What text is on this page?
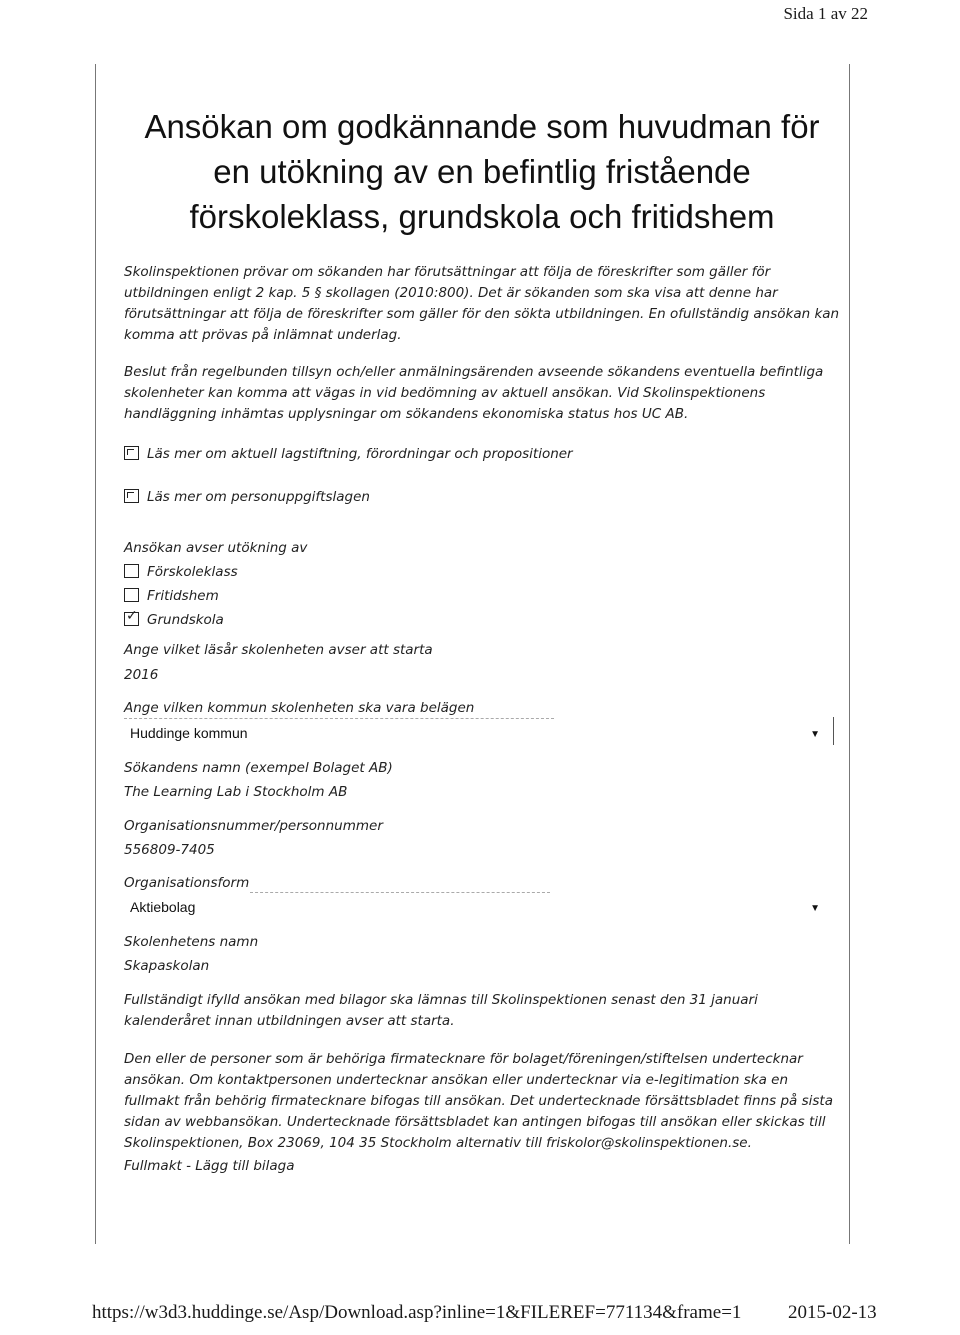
Sida 1 av 22
Ansökan om godkännande som huvudman för
en utökning av en befintlig fristående
förskoleklass, grundskola och fritidshem

Skolinspektionen prövar om sökanden har förutsättningar att följa de föreskrifter som gäller för utbildningen enligt 2 kap. 5 § skollagen (2010:800). Det är sökanden som ska visa att denne har förutsättningar att följa de föreskrifter som gäller för den sökta utbildningen. En ofullständig ansökan kan komma att prövas på inlämnat underlag.

Beslut från regelbunden tillsyn och/eller anmälningsärenden avseende sökandens eventuella befintliga skolenheter kan komma att vägas in vid bedömning av aktuell ansökan. Vid Skolinspektionens handläggning inhämtas upplysningar om sökandens ekonomiska status hos UC AB.

Läs mer om aktuell lagstiftning, förordningar och propositioner
Läs mer om personuppgiftslagen
Ansökan avser utökning av
Förskoleklass
Fritidshem
✓Grundskola
Ange vilket läsår skolenheten avser att starta
2016
Ange vilken kommun skolenheten ska vara belägen
Huddinge kommun	▼
Sökandens namn (exempel Bolaget AB)
The Learning Lab i Stockholm AB
Organisationsnummer/personnummer
556809-7405
Organisationsform
Aktiebolag	▼
Skolenhetens namn
Skapaskolan

Fullständigt ifylld ansökan med bilagor ska lämnas till Skolinspektionen senast den 31 januari kalenderåret innan utbildningen avser att starta.

Den eller de personer som är behöriga firmatecknare för bolaget/föreningen/stiftelsen undertecknar ansökan. Om kontaktpersonen undertecknar ansökan eller undertecknar via e-legitimation ska en fullmakt från behörig firmatecknare bifogas till ansökan. Det undertecknade försättsbladet finns på sista sidan av webbansökan. Undertecknade försättsbladet kan antingen bifogas till ansökan eller skickas till Skolinspektionen, Box 23069, 104 35 Stockholm alternativ till friskolor@skolinspektionen.se.

Fullmakt - Lägg till bilaga
https://w3d3.huddinge.se/Asp/Download.asp?inline=1&FILEREF=771134&frame=1 2015-02-13
